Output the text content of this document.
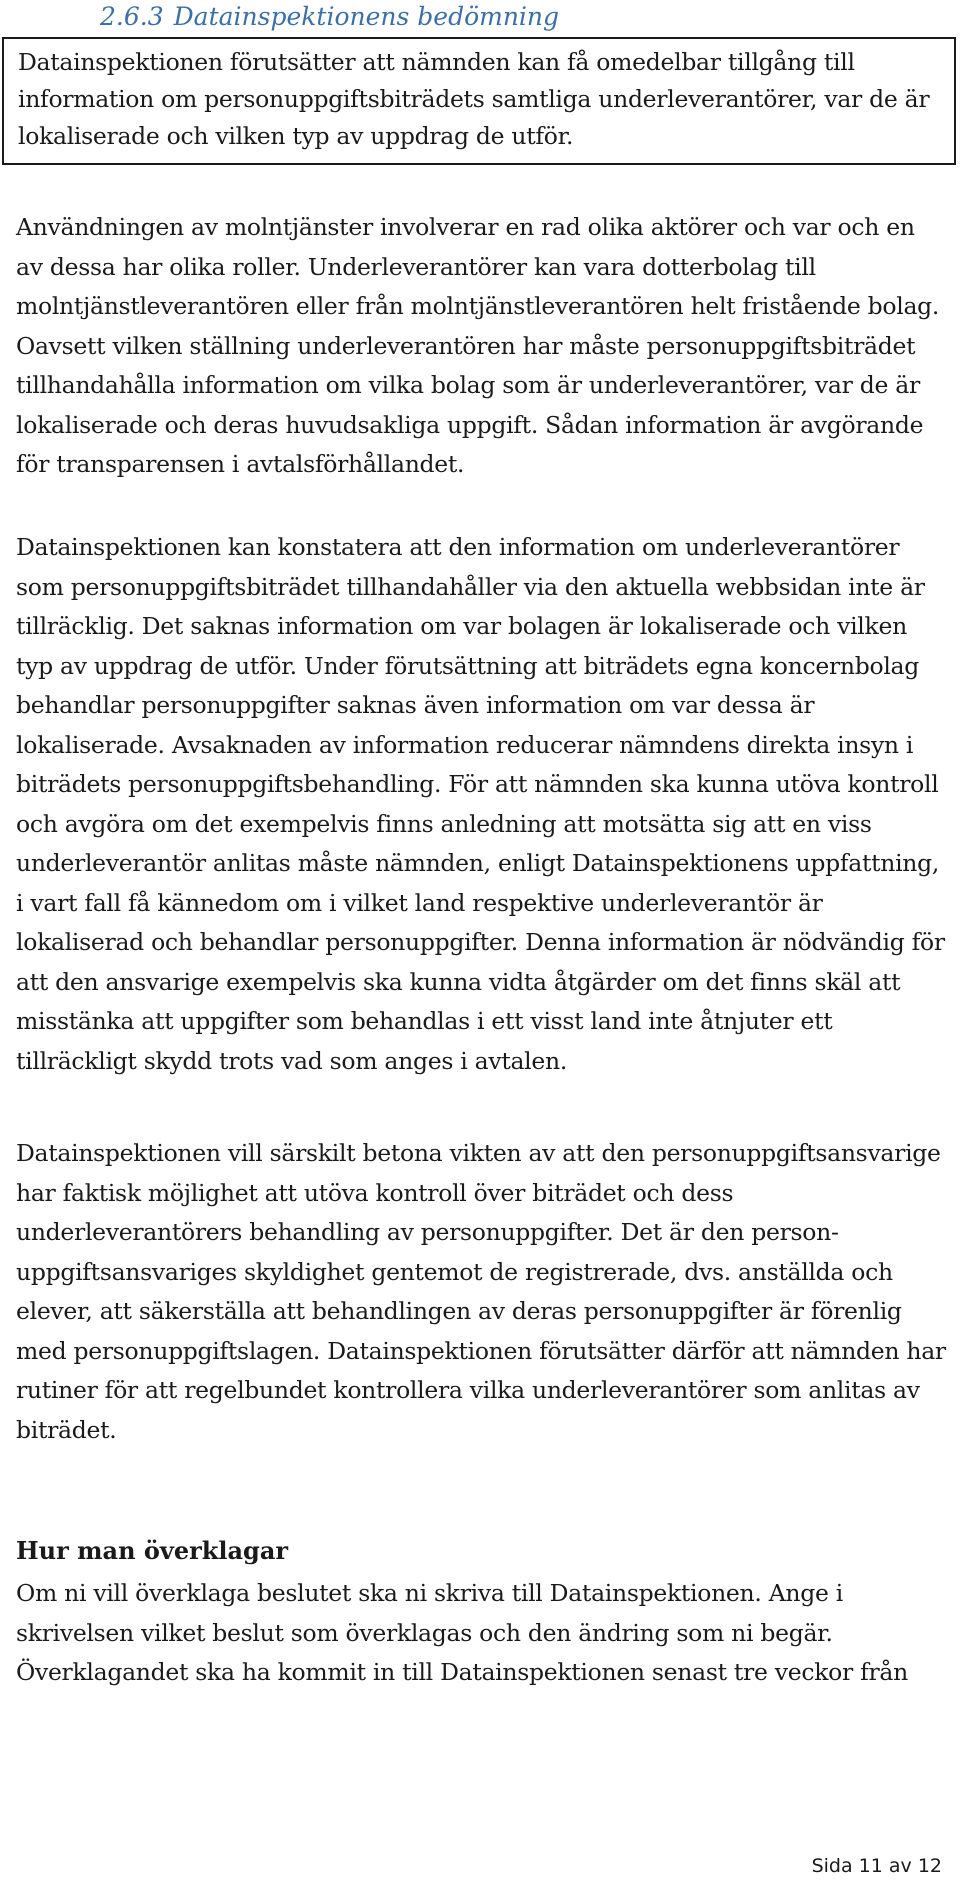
2.6.3 Datainspektionens bedömning

Datainspektionen förutsätter att nämnden kan få omedelbar tillgång till information om personuppgiftsbiträdets samtliga underleverantörer, var de är lokaliserade och vilken typ av uppdrag de utför.

Användningen av molntjänster involverar en rad olika aktörer och var och en av dessa har olika roller. Underleverantörer kan vara dotterbolag till molntjänstleverantören eller från molntjänstleverantören helt fristående bolag. Oavsett vilken ställning underleverantören har måste personuppgiftsbiträdet tillhandahålla information om vilka bolag som är underleverantörer, var de är lokaliserade och deras huvudsakliga uppgift. Sådan information är avgörande för transparensen i avtalsförhållandet.

Datainspektionen kan konstatera att den information om underleverantörer som personuppgiftsbiträdet tillhandahåller via den aktuella webbsidan inte är tillräcklig. Det saknas information om var bolagen är lokaliserade och vilken typ av uppdrag de utför. Under förutsättning att biträdets egna koncernbolag behandlar personuppgifter saknas även information om var dessa är lokaliserade. Avsaknaden av information reducerar nämndens direkta insyn i biträdets personuppgiftsbehandling. För att nämnden ska kunna utöva kontroll och avgöra om det exempelvis finns anledning att motsätta sig att en viss underleverantör anlitas måste nämnden, enligt Datainspektionens uppfattning, i vart fall få kännedom om i vilket land respektive underleverantör är lokaliserad och behandlar personuppgifter. Denna information är nödvändig för att den ansvarige exempelvis ska kunna vidta åtgärder om det finns skäl att misstänka att uppgifter som behandlas i ett visst land inte åtnjuter ett tillräckligt skydd trots vad som anges i avtalen.

Datainspektionen vill särskilt betona vikten av att den personuppgiftsansvarige har faktisk möjlighet att utöva kontroll över biträdet och dess underleverantörers behandling av personuppgifter. Det är den personuppgiftsansvariges skyldighet gentemot de registrerade, dvs. anställda och elever, att säkerställa att behandlingen av deras personuppgifter är förenlig med personuppgiftslagen. Datainspektionen förutsätter därför att nämnden har rutiner för att regelbundet kontrollera vilka underleverantörer som anlitas av biträdet.

Hur man överklagar

Om ni vill överklaga beslutet ska ni skriva till Datainspektionen. Ange i skrivelsen vilket beslut som överklagas och den ändring som ni begär. Överklagandet ska ha kommit in till Datainspektionen senast tre veckor från

Sida 11 av 12
